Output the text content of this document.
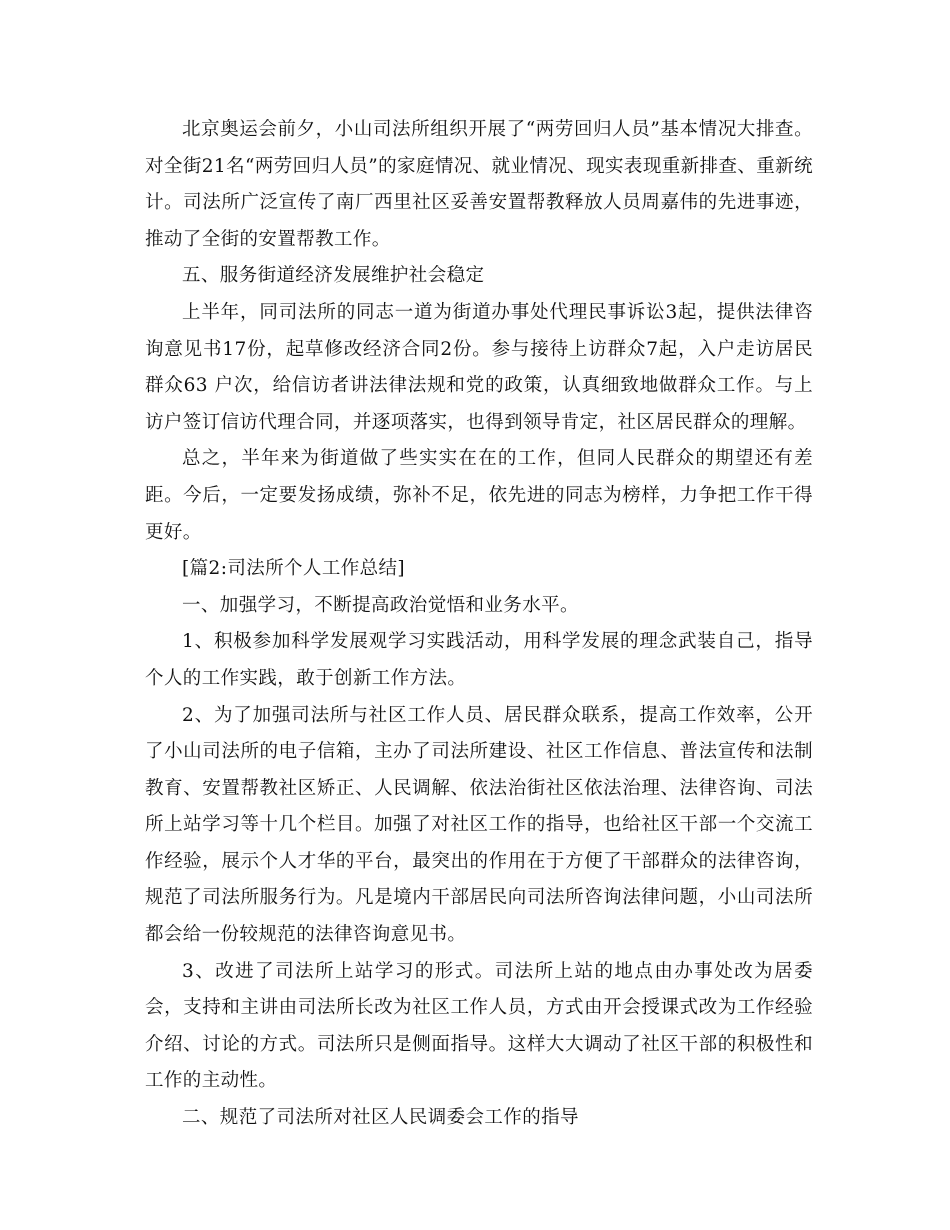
北京奥运会前夕，小山司法所组织开展了“两劳回归人员”基本情况大排查。对全街21名“两劳回归人员”的家庭情况、就业情况、现实表现重新排查、重新统计。司法所广泛宣传了南厂西里社区妥善安置帮教释放人员周嘉伟的先进事迹，推动了全街的安置帮教工作。

五、服务街道经济发展维护社会稳定

上半年，同司法所的同志一道为街道办事处代理民事诉讼3起，提供法律咨询意见书17份，起草修改经济合同2份。参与接待上访群众7起，入户走访居民群众63 户次，给信访者讲法律法规和党的政策，认真细致地做群众工作。与上访户签订信访代理合同，并逐项落实，也得到领导肯定，社区居民群众的理解。

总之，半年来为街道做了些实实在在的工作，但同人民群众的期望还有差距。今后，一定要发扬成绩，弥补不足，依先进的同志为榜样，力争把工作干得更好。

[篇2:司法所个人工作总结]

一、加强学习，不断提高政治觉悟和业务水平。

1、积极参加科学发展观学习实践活动，用科学发展的理念武装自己，指导个人的工作实践，敢于创新工作方法。

2、为了加强司法所与社区工作人员、居民群众联系，提高工作效率，公开了小山司法所的电子信箱，主办了司法所建设、社区工作信息、普法宣传和法制教育、安置帮教社区矫正、人民调解、依法治街社区依法治理、法律咨询、司法所上站学习等十几个栏目。加强了对社区工作的指导，也给社区干部一个交流工作经验，展示个人才华的平台，最突出的作用在于方便了干部群众的法律咨询，规范了司法所服务行为。凡是境内干部居民向司法所咨询法律问题，小山司法所都会给一份较规范的法律咨询意见书。

3、改进了司法所上站学习的形式。司法所上站的地点由办事处改为居委会，支持和主讲由司法所长改为社区工作人员，方式由开会授课式改为工作经验介绍、讨论的方式。司法所只是侧面指导。这样大大调动了社区干部的积极性和工作的主动性。

二、规范了司法所对社区人民调委会工作的指导
